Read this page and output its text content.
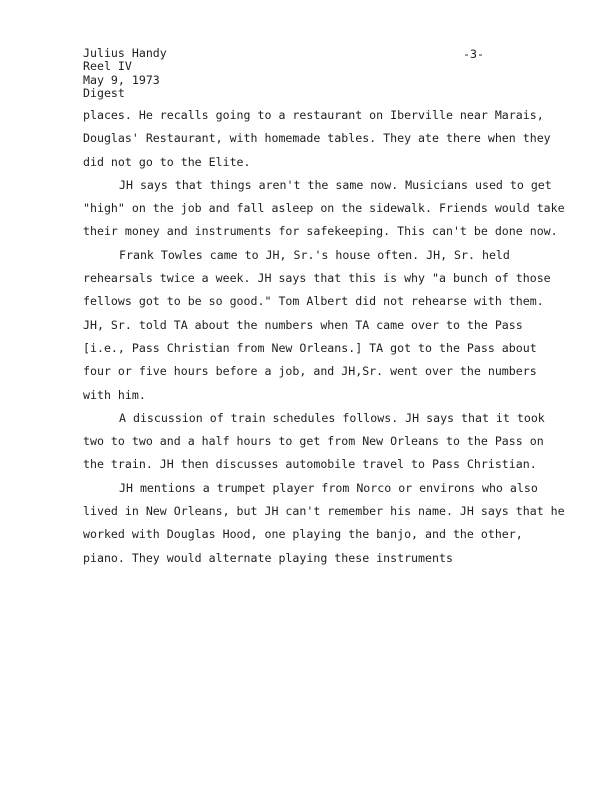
Julius Handy
Reel IV
May 9, 1973
Digest
-3-

places. He recalls going to a restaurant on Iberville near Marais, Douglas' Restaurant, with homemade tables. They ate there when they did not go to the Elite.

JH says that things aren't the same now. Musicians used to get "high" on the job and fall asleep on the sidewalk. Friends would take their money and instruments for safekeeping. This can't be done now.

Frank Towles came to JH, Sr.'s house often. JH, Sr. held rehearsals twice a week. JH says that this is why "a bunch of those fellows got to be so good." Tom Albert did not rehearse with them. JH, Sr. told TA about the numbers when TA came over to the Pass [i.e., Pass Christian from New Orleans.] TA got to the Pass about four or five hours before a job, and JH,Sr. went over the numbers with him.

A discussion of train schedules follows. JH says that it took two to two and a half hours to get from New Orleans to the Pass on the train. JH then discusses automobile travel to Pass Christian.

JH mentions a trumpet player from Norco or environs who also lived in New Orleans, but JH can't remember his name. JH says that he worked with Douglas Hood, one playing the banjo, and the other, piano. They would alternate playing these instruments
